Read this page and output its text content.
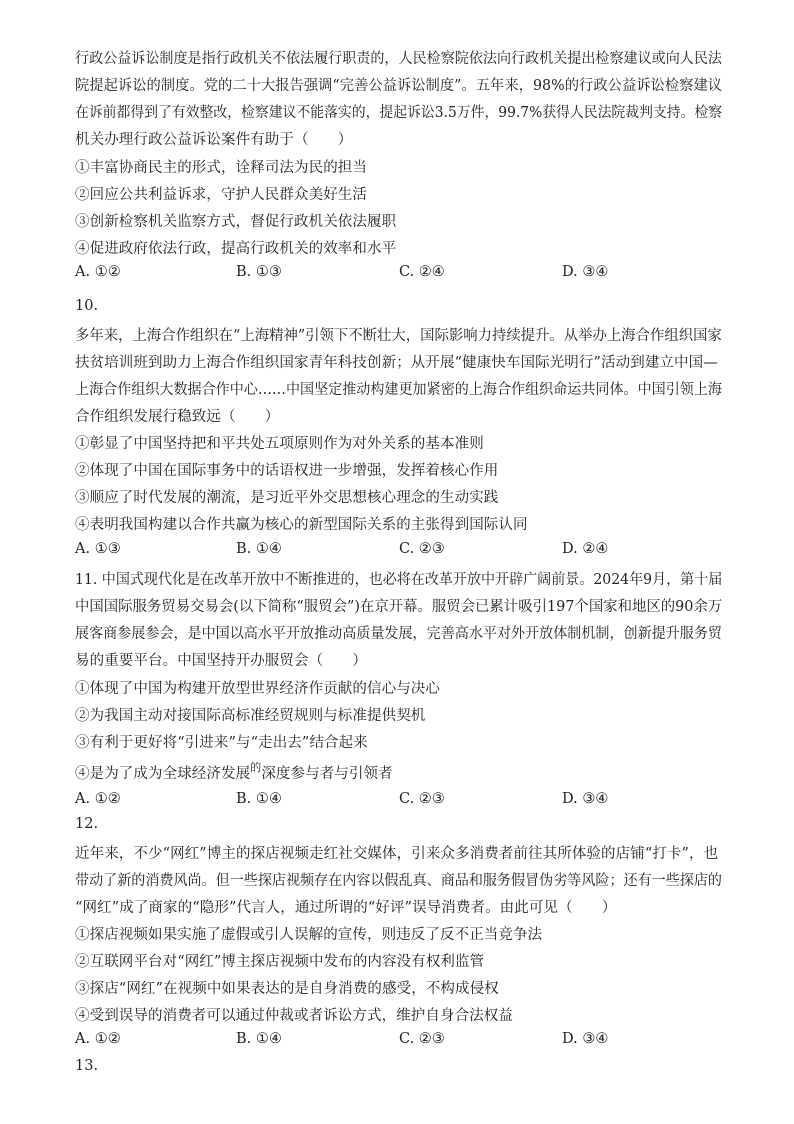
行政公益诉讼制度是指行政机关不依法履行职责的，人民检察院依法向行政机关提出检察建议或向人民法
院提起诉讼的制度。党的二十大报告强调“完善公益诉讼制度”。五年来，98%的行政公益诉讼检察建议
在诉前都得到了有效整改，检察建议不能落实的，提起诉讼3.5万件，99.7%获得人民法院裁判支持。检察
机关办理行政公益诉讼案件有助于（　　）
①丰富协商民主的形式，诠释司法为民的担当
②回应公共利益诉求，守护人民群众美好生活
③创新检察机关监察方式，督促行政机关依法履职
④促进政府依法行政，提高行政机关的效率和水平
A. ①②	B. ①③	C. ②④	D. ③④
10.
多年来，上海合作组织在“上海精神”引领下不断壮大，国际影响力持续提升。从举办上海合作组织国家
扶贫培训班到助力上海合作组织国家青年科技创新；从开展“健康快车国际光明行”活动到建立中国—
上海合作组织大数据合作中心……中国坚定推动构建更加紧密的上海合作组织命运共同体。中国引领上海
合作组织发展行稳致远（　　）
①彰显了中国坚持把和平共处五项原则作为对外关系的基本准则
②体现了中国在国际事务中的话语权进一步增强，发挥着核心作用
③顺应了时代发展的潮流，是习近平外交思想核心理念的生动实践
④表明我国构建以合作共赢为核心的新型国际关系的主张得到国际认同
A. ①③	B. ①④	C. ②③	D. ②④
11. 中国式现代化是在改革开放中不断推进的，也必将在改革开放中开辟广阔前景。2024年9月，第十届
中国国际服务贸易交易会(以下简称“服贸会”)在京开幕。服贸会已累计吸引197个国家和地区的90余万
展客商参展参会，是中国以高水平开放推动高质量发展，完善高水平对外开放体制机制，创新提升服务贸
易的重要平台。中国坚持开办服贸会（　　）
①体现了中国为构建开放型世界经济作贡献的信心与决心
②为我国主动对接国际高标准经贸规则与标准提供契机
③有利于更好将“引进来”与“走出去”结合起来
④是为了成为全球经济发展$^的$深度参与者与引领者
A. ①②	B. ①④	C. ②③	D. ③④
12.
近年来，不少“网红”博主的探店视频走红社交媒体，引来众多消费者前往其所体验的店铺“打卡”，也
带动了新的消费风尚。但一些探店视频存在内容以假乱真、商品和服务假冒伪劣等风险；还有一些探店的
“网红”成了商家的“隐形”代言人，通过所谓的“好评”误导消费者。由此可见（　　）
①探店视频如果实施了虚假或引人误解的宣传，则违反了反不正当竞争法
②互联网平台对“网红”博主探店视频中发布的内容没有权利监管
③探店“网红”在视频中如果表达的是自身消费的感受，不构成侵权
④受到误导的消费者可以通过仲裁或者诉讼方式，维护自身合法权益
A. ①②	B. ①④	C. ②③	D. ③④
13.
